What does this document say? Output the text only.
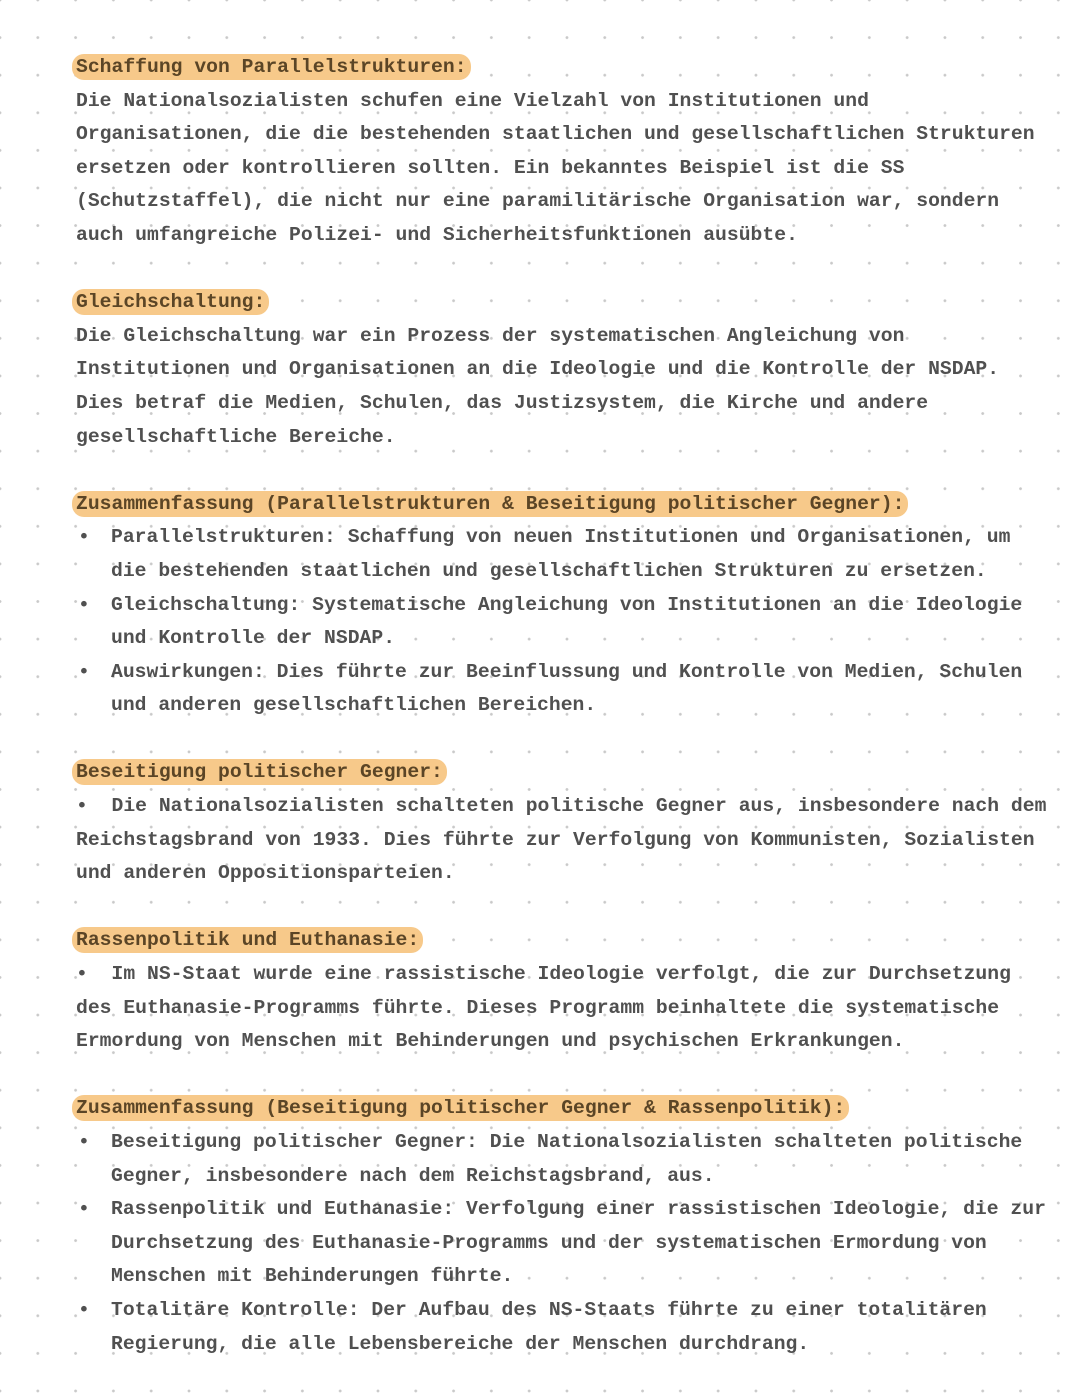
Schaffung von Parallelstrukturen:
Die Nationalsozialisten schufen eine Vielzahl von Institutionen und
Organisationen, die die bestehenden staatlichen und gesellschaftlichen Strukturen
ersetzen oder kontrollieren sollten. Ein bekanntes Beispiel ist die SS
(Schutzstaffel), die nicht nur eine paramilitärische Organisation war, sondern
auch umfangreiche Polizei- und Sicherheitsfunktionen ausübte.
Gleichschaltung:
Die Gleichschaltung war ein Prozess der systematischen Angleichung von
Institutionen und Organisationen an die Ideologie und die Kontrolle der NSDAP.
Dies betraf die Medien, Schulen, das Justizsystem, die Kirche und andere
gesellschaftliche Bereiche.
Zusammenfassung (Parallelstrukturen & Beseitigung politischer Gegner):
• Parallelstrukturen: Schaffung von neuen Institutionen und Organisationen, um
die bestehenden staatlichen und gesellschaftlichen Strukturen zu ersetzen.
• Gleichschaltung: Systematische Angleichung von Institutionen an die Ideologie
und Kontrolle der NSDAP.
• Auswirkungen: Dies führte zur Beeinflussung und Kontrolle von Medien, Schulen
und anderen gesellschaftlichen Bereichen.
Beseitigung politischer Gegner:
•  Die Nationalsozialisten schalteten politische Gegner aus, insbesondere nach dem
Reichstagsbrand von 1933. Dies führte zur Verfolgung von Kommunisten, Sozialisten
und anderen Oppositionsparteien.
Rassenpolitik und Euthanasie:
•  Im NS-Staat wurde eine rassistische Ideologie verfolgt, die zur Durchsetzung
des Euthanasie-Programms führte. Dieses Programm beinhaltete die systematische
Ermordung von Menschen mit Behinderungen und psychischen Erkrankungen.
Zusammenfassung (Beseitigung politischer Gegner & Rassenpolitik):
• Beseitigung politischer Gegner: Die Nationalsozialisten schalteten politische
Gegner, insbesondere nach dem Reichstagsbrand, aus.
• Rassenpolitik und Euthanasie: Verfolgung einer rassistischen Ideologie, die zur
Durchsetzung des Euthanasie-Programms und der systematischen Ermordung von
Menschen mit Behinderungen führte.
• Totalitäre Kontrolle: Der Aufbau des NS-Staats führte zu einer totalitären
Regierung, die alle Lebensbereiche der Menschen durchdrang.
